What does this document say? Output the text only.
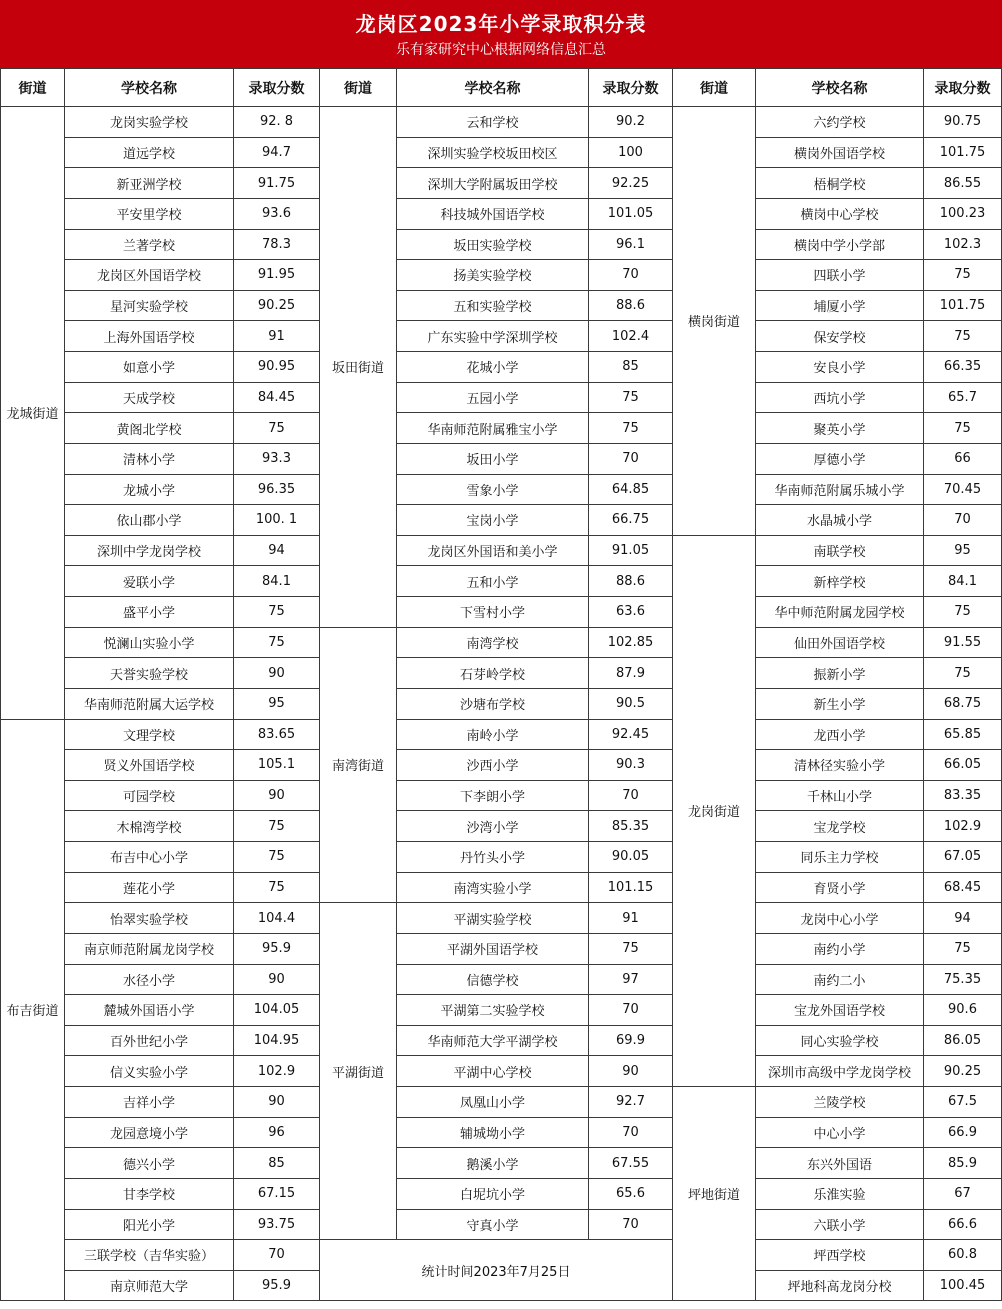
龙岗区2023年小学录取积分表
乐有家研究中心根据网络信息汇总
街道	学校名称	录取分数	街道	学校名称	录取分数	街道	学校名称	录取分数
龙城街道
龙岗实验学校	92. 8
道远学校	94.7
新亚洲学校	91.75
平安里学校	93.6
兰著学校	78.3
龙岗区外国语学校	91.95
星河实验学校	90.25
上海外国语学校	91
如意小学	90.95
天成学校	84.45
黄阁北学校	75
清林小学	93.3
龙城小学	96.35
依山郡小学	100. 1
深圳中学龙岗学校	94
爱联小学	84.1
盛平小学	75
悦澜山实验小学	75
天誉实验学校	90
华南师范附属大运学校	95
布吉街道
文理学校	83.65
贤义外国语学校	105.1
可园学校	90
木棉湾学校	75
布吉中心小学	75
莲花小学	75
怡翠实验学校	104.4
南京师范附属龙岗学校	95.9
水径小学	90
麓城外国语小学	104.05
百外世纪小学	104.95
信义实验小学	102.9
吉祥小学	90
龙园意境小学	96
德兴小学	85
甘李学校	67.15
阳光小学	93.75
三联学校（吉华实验）	70
南京师范大学	95.9
坂田街道
云和学校	90.2
深圳实验学校坂田校区	100
深圳大学附属坂田学校	92.25
科技城外国语学校	101.05
坂田实验学校	96.1
扬美实验学校	70
五和实验学校	88.6
广东实验中学深圳学校	102.4
花城小学	85
五园小学	75
华南师范附属雅宝小学	75
坂田小学	70
雪象小学	64.85
宝岗小学	66.75
龙岗区外国语和美小学	91.05
五和小学	88.6
下雪村小学	63.6
南湾街道
南湾学校	102.85
石芽岭学校	87.9
沙塘布学校	90.5
南岭小学	92.45
沙西小学	90.3
下李朗小学	70
沙湾小学	85.35
丹竹头小学	90.05
南湾实验小学	101.15
平湖街道
平湖实验学校	91
平湖外国语学校	75
信德学校	97
平湖第二实验学校	70
华南师范大学平湖学校	69.9
平湖中心学校	90
凤凰山小学	92.7
辅城坳小学	70
鹅溪小学	67.55
白坭坑小学	65.6
守真小学	70
横岗街道
六约学校	90.75
横岗外国语学校	101.75
梧桐学校	86.55
横岗中心学校	100.23
横岗中学小学部	102.3
四联小学	75
埔厦小学	101.75
保安学校	75
安良小学	66.35
西坑小学	65.7
聚英小学	75
厚德小学	66
华南师范附属乐城小学	70.45
水晶城小学	70
龙岗街道
南联学校	95
新梓学校	84.1
华中师范附属龙园学校	75
仙田外国语学校	91.55
振新小学	75
新生小学	68.75
龙西小学	65.85
清林径实验小学	66.05
千林山小学	83.35
宝龙学校	102.9
同乐主力学校	67.05
育贤小学	68.45
龙岗中心小学	94
南约小学	75
南约二小	75.35
宝龙外国语学校	90.6
同心实验学校	86.05
深圳市高级中学龙岗学校	90.25
坪地街道
兰陵学校	67.5
中心小学	66.9
东兴外国语	85.9
乐淮实验	67
六联小学	66.6
坪西学校	60.8
坪地科高龙岗分校	100.45
统计时间2023年7月25日
